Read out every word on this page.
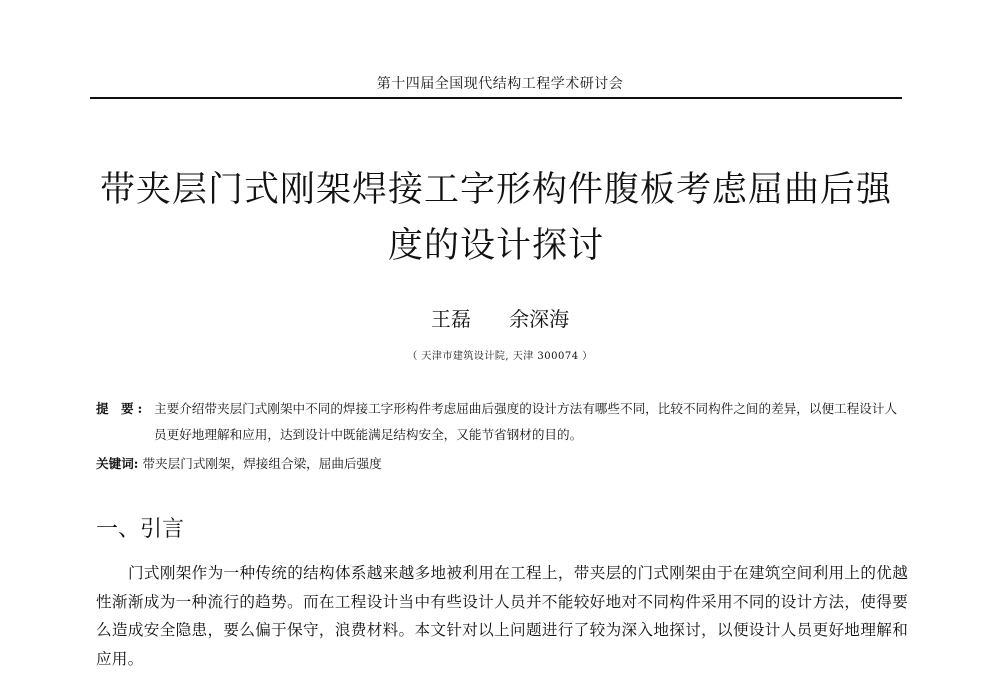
第十四届全国现代结构工程学术研讨会
带夹层门式刚架焊接工字形构件腹板考虑屈曲后强
度的设计探讨
王磊      余深海
（ 天津市建筑设计院, 天津 300074 ）
提 要: 主要介绍带夹层门式刚架中不同的焊接工字形构件考虑屈曲后强度的设计方法有哪些不同，比较不同构件之间的差异，以便工程设计人员更好地理解和应用，达到设计中既能满足结构安全，又能节省钢材的目的。
关键词: 带夹层门式刚架，焊接组合梁，屈曲后强度
一、引言

门式刚架作为一种传统的结构体系越来越多地被利用在工程上，带夹层的门式刚架由于在建筑空间利用上的优越性渐渐成为一种流行的趋势。而在工程设计当中有些设计人员并不能较好地对不同构件采用不同的设计方法，使得要么造成安全隐患，要么偏于保守，浪费材料。本文针对以上问题进行了较为深入地探讨，以便设计人员更好地理解和应用。
